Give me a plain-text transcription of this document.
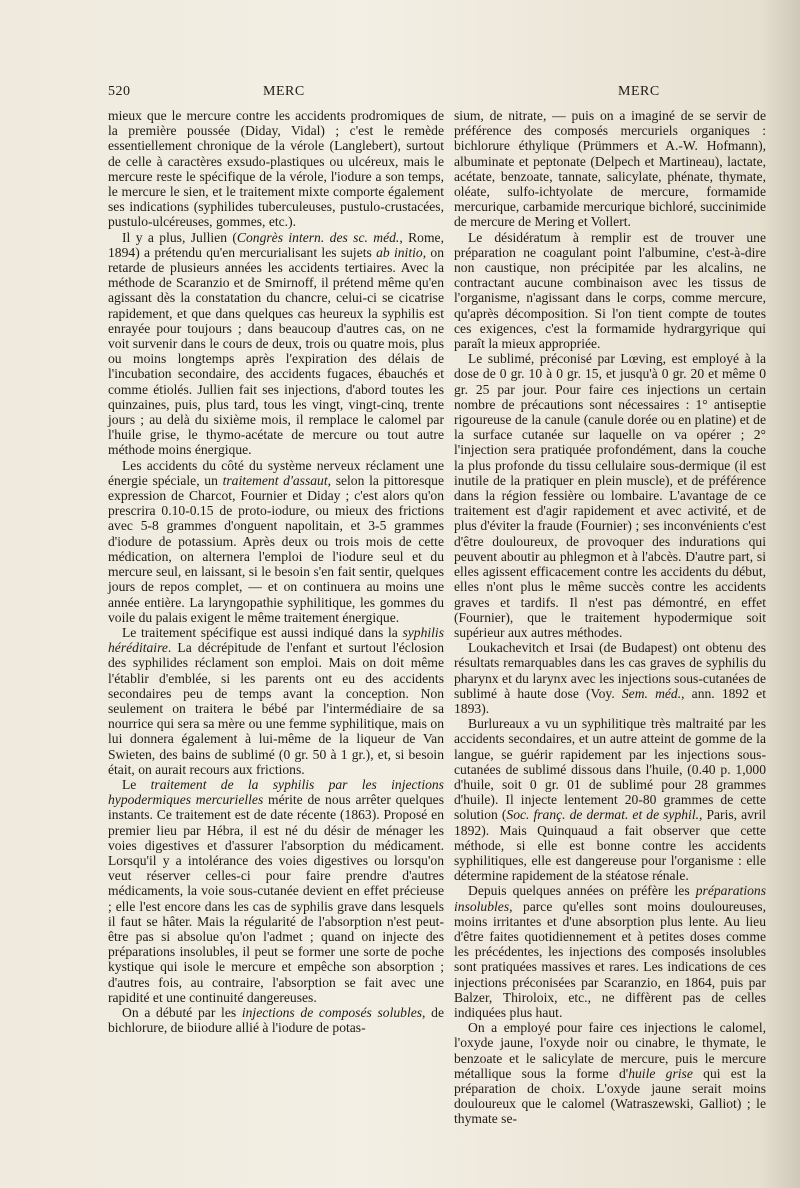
520	MERC	MERC

mieux que le mercure contre les accidents prodromiques de la première poussée (Diday, Vidal) ; c'est le remède essentiellement chronique de la vérole (Langlebert), surtout de celle à caractères exsudo-plastiques ou ulcéreux, mais le mercure reste le spécifique de la vérole, l'iodure a son temps, le mercure le sien, et le traitement mixte comporte également ses indications (syphilides tuberculeuses, pustulo-crustacées, pustulo-ulcéreuses, gommes, etc.).

Il y a plus, Jullien (Congrès intern. des sc. méd., Rome, 1894) a prétendu qu'en mercurialisant les sujets ab initio, on retarde de plusieurs années les accidents tertiaires. Avec la méthode de Scaranzio et de Smirnoff, il prétend même qu'en agissant dès la constatation du chancre, celui-ci se cicatrise rapidement, et que dans quelques cas heureux la syphilis est enrayée pour toujours ; dans beaucoup d'autres cas, on ne voit survenir dans le cours de deux, trois ou quatre mois, plus ou moins longtemps après l'expiration des délais de l'incubation secondaire, des accidents fugaces, ébauchés et comme étiolés. Jullien fait ses injections, d'abord toutes les quinzaines, puis, plus tard, tous les vingt, vingt-cinq, trente jours ; au delà du sixième mois, il remplace le calomel par l'huile grise, le thymo-acétate de mercure ou tout autre méthode moins énergique.

Les accidents du côté du système nerveux réclament une énergie spéciale, un traitement d'assaut, selon la pittoresque expression de Charcot, Fournier et Diday ; c'est alors qu'on prescrira 0.10-0.15 de proto-iodure, ou mieux des frictions avec 5-8 grammes d'onguent napolitain, et 3-5 grammes d'iodure de potassium. Après deux ou trois mois de cette médication, on alternera l'emploi de l'iodure seul et du mercure seul, en laissant, si le besoin s'en fait sentir, quelques jours de repos complet, — et on continuera au moins une année entière. La laryngopathie syphilitique, les gommes du voile du palais exigent le même traitement énergique.

Le traitement spécifique est aussi indiqué dans la syphilis héréditaire. La décrépitude de l'enfant et surtout l'éclosion des syphilides réclament son emploi. Mais on doit même l'établir d'emblée, si les parents ont eu des accidents secondaires peu de temps avant la conception. Non seulement on traitera le bébé par l'intermédiaire de sa nourrice qui sera sa mère ou une femme syphilitique, mais on lui donnera également à lui-même de la liqueur de Van Swieten, des bains de sublimé (0 gr. 50 à 1 gr.), et, si besoin était, on aurait recours aux frictions.

Le traitement de la syphilis par les injections hypodermiques mercurielles mérite de nous arrêter quelques instants. Ce traitement est de date récente (1863). Proposé en premier lieu par Hébra, il est né du désir de ménager les voies digestives et d'assurer l'absorption du médicament. Lorsqu'il y a intolérance des voies digestives ou lorsqu'on veut réserver celles-ci pour faire prendre d'autres médicaments, la voie sous-cutanée devient en effet précieuse ; elle l'est encore dans les cas de syphilis grave dans lesquels il faut se hâter. Mais la régularité de l'absorption n'est peut-être pas si absolue qu'on l'admet ; quand on injecte des préparations insolubles, il peut se former une sorte de poche kystique qui isole le mercure et empêche son absorption ; d'autres fois, au contraire, l'absorption se fait avec une rapidité et une continuité dangereuses.

On a débuté par les injections de composés solubles, de bichlorure, de biiodure allié à l'iodure de potas-

sium, de nitrate, — puis on a imaginé de se servir de préférence des composés mercuriels organiques : bichlorure éthylique (Prümmers et A.-W. Hofmann), albuminate et peptonate (Delpech et Martineau), lactate, acétate, benzoate, tannate, salicylate, phénate, thymate, oléate, sulfo-ichtyolate de mercure, formamide mercurique, carbamide mercurique bichloré, succinimide de mercure de Mering et Vollert.

Le désidératum à remplir est de trouver une préparation ne coagulant point l'albumine, c'est-à-dire non caustique, non précipitée par les alcalins, ne contractant aucune combinaison avec les tissus de l'organisme, n'agissant dans le corps, comme mercure, qu'après décomposition. Si l'on tient compte de toutes ces exigences, c'est la formamide hydrargyrique qui paraît la mieux appropriée.

Le sublimé, préconisé par Lœving, est employé à la dose de 0 gr. 10 à 0 gr. 15, et jusqu'à 0 gr. 20 et même 0 gr. 25 par jour. Pour faire ces injections un certain nombre de précautions sont nécessaires : 1° antiseptie rigoureuse de la canule (canule dorée ou en platine) et de la surface cutanée sur laquelle on va opérer ; 2° l'injection sera pratiquée profondément, dans la couche la plus profonde du tissu cellulaire sous-dermique (il est inutile de la pratiquer en plein muscle), et de préférence dans la région fessière ou lombaire. L'avantage de ce traitement est d'agir rapidement et avec activité, et de plus d'éviter la fraude (Fournier) ; ses inconvénients c'est d'être douloureux, de provoquer des indurations qui peuvent aboutir au phlegmon et à l'abcès. D'autre part, si elles agissent efficacement contre les accidents du début, elles n'ont plus le même succès contre les accidents graves et tardifs. Il n'est pas démontré, en effet (Fournier), que le traitement hypodermique soit supérieur aux autres méthodes.

Loukachevitch et Irsai (de Budapest) ont obtenu des résultats remarquables dans les cas graves de syphilis du pharynx et du larynx avec les injections sous-cutanées de sublimé à haute dose (Voy. Sem. méd., ann. 1892 et 1893).

Burlureaux a vu un syphilitique très maltraité par les accidents secondaires, et un autre atteint de gomme de la langue, se guérir rapidement par les injections sous-cutanées de sublimé dissous dans l'huile, (0.40 p. 1,000 d'huile, soit 0 gr. 01 de sublimé pour 28 grammes d'huile). Il injecte lentement 20-80 grammes de cette solution (Soc. franç. de dermat. et de syphil., Paris, avril 1892). Mais Quinquaud a fait observer que cette méthode, si elle est bonne contre les accidents syphilitiques, elle est dangereuse pour l'organisme : elle détermine rapidement de la stéatose rénale.

Depuis quelques années on préfère les préparations insolubles, parce qu'elles sont moins douloureuses, moins irritantes et d'une absorption plus lente. Au lieu d'être faites quotidiennement et à petites doses comme les précédentes, les injections des composés insolubles sont pratiquées massives et rares. Les indications de ces injections préconisées par Scaranzio, en 1864, puis par Balzer, Thiroloix, etc., ne diffèrent pas de celles indiquées plus haut.

On a employé pour faire ces injections le calomel, l'oxyde jaune, l'oxyde noir ou cinabre, le thymate, le benzoate et le salicylate de mercure, puis le mercure métallique sous la forme d'huile grise qui est la préparation de choix. L'oxyde jaune serait moins douloureux que le calomel (Watraszewski, Galliot) ; le thymate se-
